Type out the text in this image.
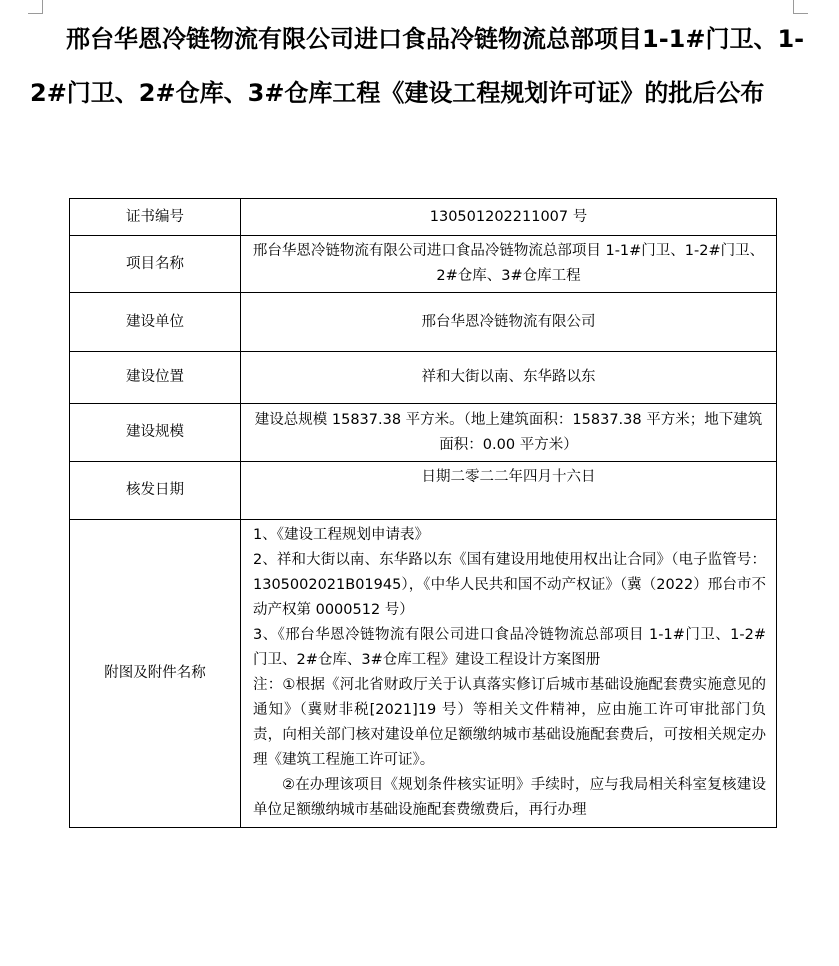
邢台华恩冷链物流有限公司进口食品冷链物流总部项目1-1#门卫、1-2#门卫、2#仓库、3#仓库工程《建设工程规划许可证》的批后公布
证书编号	130501202211007 号
项目名称	邢台华恩冷链物流有限公司进口食品冷链物流总部项目 1-1#门卫、1-2#门卫、2#仓库、3#仓库工程
建设单位	邢台华恩冷链物流有限公司
建设位置	祥和大街以南、东华路以东
建设规模	建设总规模 15837.38 平方米。（地上建筑面积：15837.38 平方米；地下建筑面积：0.00 平方米）
核发日期	日期二零二二年四月十六日
附图及附件名称	1、《建设工程规划申请表》

2、祥和大街以南、东华路以东《国有建设用地使用权出让合同》（电子监管号：1305002021B01945），《中华人民共和国不动产权证》（冀（2022）邢台市不动产权第 0000512 号）

3、《邢台华恩冷链物流有限公司进口食品冷链物流总部项目 1-1#门卫、1-2#门卫、2#仓库、3#仓库工程》建设工程设计方案图册

注：①根据《河北省财政厅关于认真落实修订后城市基础设施配套费实施意见的通知》（冀财非税[2021]19 号）等相关文件精神，应由施工许可审批部门负责，向相关部门核对建设单位足额缴纳城市基础设施配套费后，可按相关规定办理《建筑工程施工许可证》。

②在办理该项目《规划条件核实证明》手续时，应与我局相关科室复核建设单位足额缴纳城市基础设施配套费缴费后，再行办理
